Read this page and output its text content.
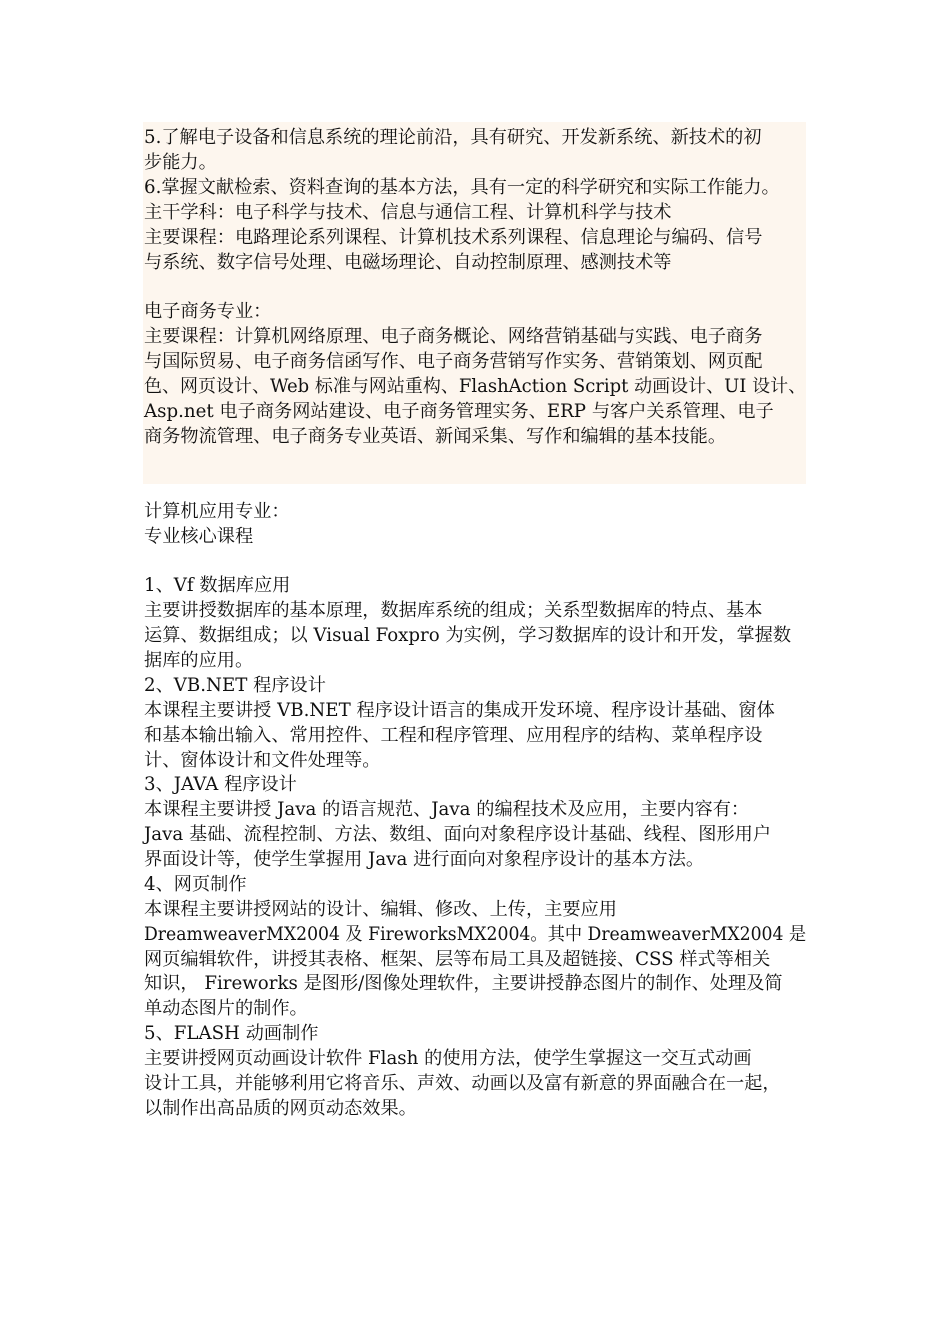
5.了解电子设备和信息系统的理论前沿，具有研究、开发新系统、新技术的初
步能力。
6.掌握文献检索、资料查询的基本方法，具有一定的科学研究和实际工作能力。
主干学科：电子科学与技术、信息与通信工程、计算机科学与技术
主要课程：电路理论系列课程、计算机技术系列课程、信息理论与编码、信号
与系统、数字信号处理、电磁场理论、自动控制原理、感测技术等
电子商务专业：
主要课程：计算机网络原理、电子商务概论、网络营销基础与实践、电子商务
与国际贸易、电子商务信函写作、电子商务营销写作实务、营销策划、网页配
色、网页设计、Web 标准与网站重构、FlashAction Script 动画设计、UI 设计、
Asp.net 电子商务网站建设、电子商务管理实务、ERP 与客户关系管理、电子
商务物流管理、电子商务专业英语、新闻采集、写作和编辑的基本技能。
计算机应用专业：
专业核心课程
1、Vf 数据库应用
主要讲授数据库的基本原理，数据库系统的组成；关系型数据库的特点、基本
运算、数据组成；以 Visual Foxpro 为实例，学习数据库的设计和开发，掌握数
据库的应用。
2、VB.NET 程序设计
本课程主要讲授 VB.NET 程序设计语言的集成开发环境、程序设计基础、窗体
和基本输出输入、常用控件、工程和程序管理、应用程序的结构、菜单程序设
计、窗体设计和文件处理等。
3、JAVA 程序设计
本课程主要讲授 Java 的语言规范、Java 的编程技术及应用，主要内容有：
Java 基础、流程控制、方法、数组、面向对象程序设计基础、线程、图形用户
界面设计等，使学生掌握用 Java 进行面向对象程序设计的基本方法。
4、网页制作
本课程主要讲授网站的设计、编辑、修改、上传，主要应用
DreamweaverMX2004 及 FireworksMX2004。其中 DreamweaverMX2004 是
网页编辑软件，讲授其表格、框架、层等布局工具及超链接、CSS 样式等相关
知识， Fireworks 是图形/图像处理软件，主要讲授静态图片的制作、处理及简
单动态图片的制作。
5、FLASH 动画制作
主要讲授网页动画设计软件 Flash 的使用方法，使学生掌握这一交互式动画
设计工具，并能够利用它将音乐、声效、动画以及富有新意的界面融合在一起，
以制作出高品质的网页动态效果。
